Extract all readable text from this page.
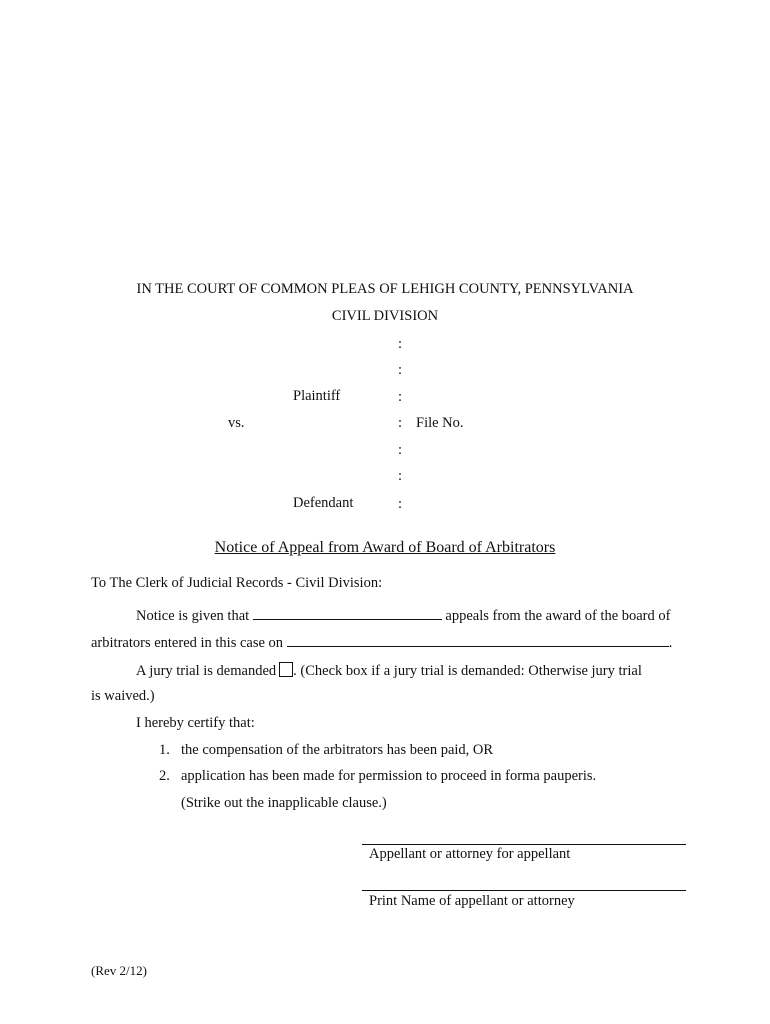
IN THE COURT OF COMMON PLEAS OF LEHIGH COUNTY, PENNSYLVANIA
CIVIL DIVISION
:
:
Plaintiff	:
vs.	: File No.
:
:
Defendant	:
Notice of Appeal from Award of Board of Arbitrators
To The Clerk of Judicial Records - Civil Division:
Notice is given that	appeals from the award of the board of
arbitrators entered in this case on	.
A jury trial is demanded . (Check box if a jury trial is demanded: Otherwise jury trial
is waived.)
I hereby certify that:
1. the compensation of the arbitrators has been paid, OR
2. application has been made for permission to proceed in forma pauperis.
(Strike out the inapplicable clause.)
Appellant or attorney for appellant
Print Name of appellant or attorney
(Rev 2/12)
